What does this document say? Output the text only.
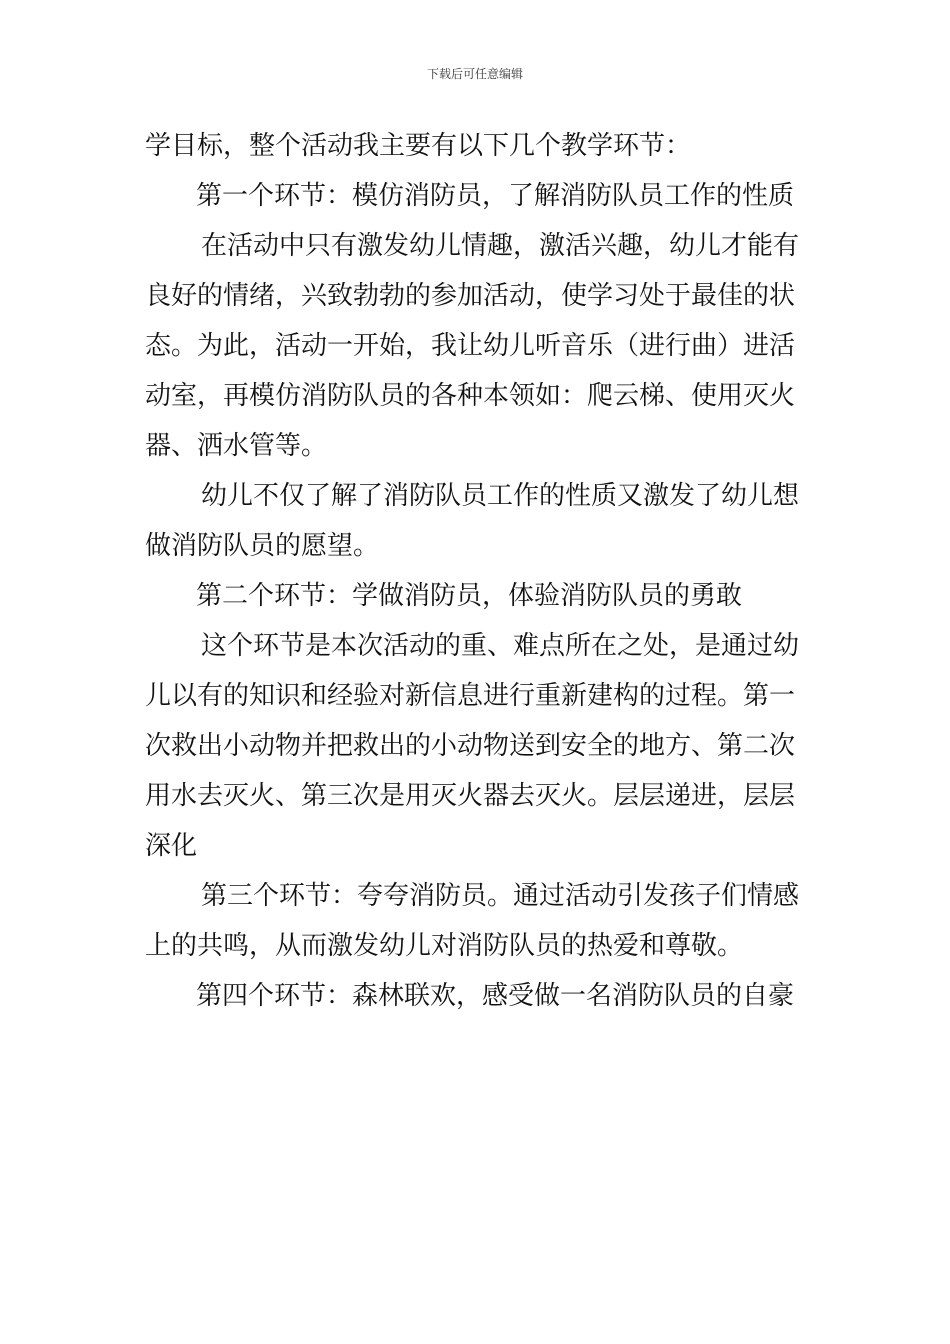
下载后可任意编辑
学目标，整个活动我主要有以下几个教学环节：
第一个环节：模仿消防员，了解消防队员工作的性质
在活动中只有激发幼儿情趣，激活兴趣，幼儿才能有
良好的情绪，兴致勃勃的参加活动，使学习处于最佳的状
态。为此，活动一开始，我让幼儿听音乐（进行曲）进活
动室，再模仿消防队员的各种本领如：爬云梯、使用灭火
器、洒水管等。
幼儿不仅了解了消防队员工作的性质又激发了幼儿想
做消防队员的愿望。
第二个环节：学做消防员，体验消防队员的勇敢
这个环节是本次活动的重、难点所在之处，是通过幼
儿以有的知识和经验对新信息进行重新建构的过程。第一
次救出小动物并把救出的小动物送到安全的地方、第二次
用水去灭火、第三次是用灭火器去灭火。层层递进，层层
深化
第三个环节：夸夸消防员。通过活动引发孩子们情感
上的共鸣，从而激发幼儿对消防队员的热爱和尊敬。
第四个环节：森林联欢，感受做一名消防队员的自豪
